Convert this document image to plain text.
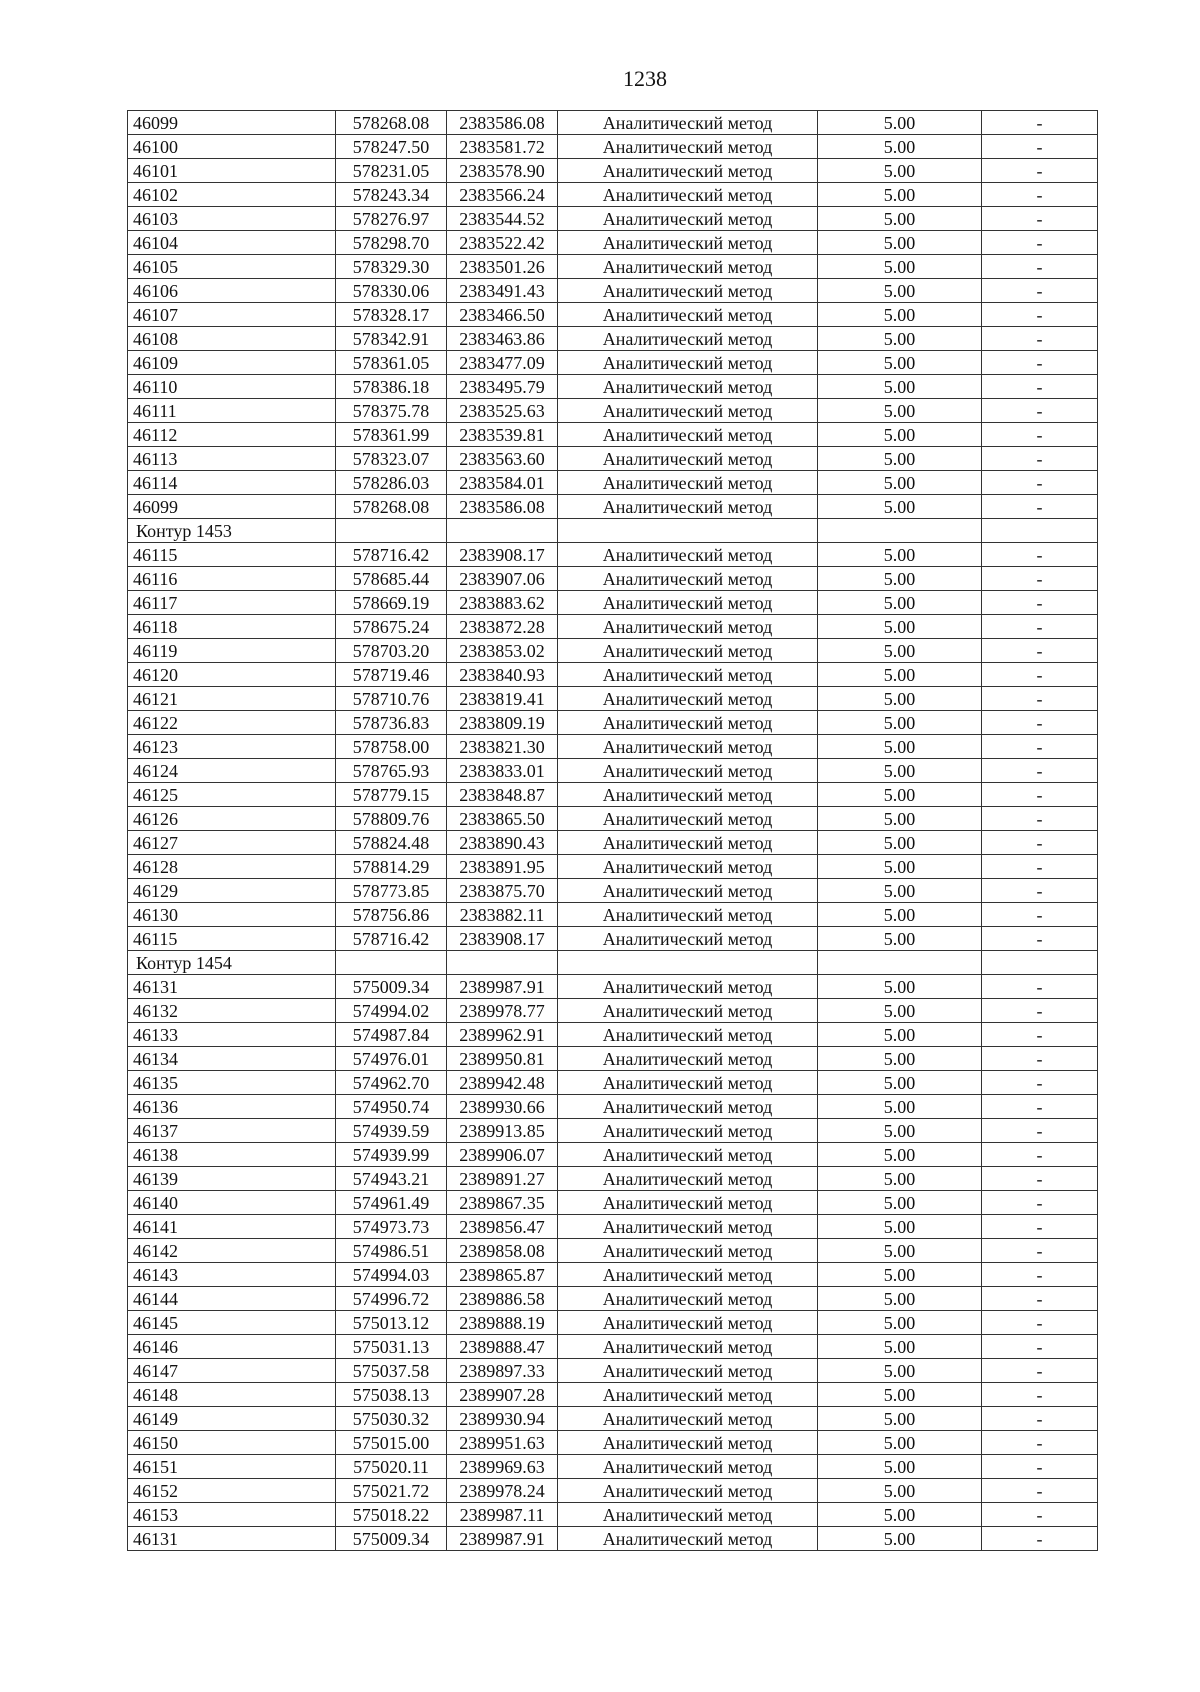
1238
46099	578268.08	2383586.08	Аналитический метод	5.00	-
46100	578247.50	2383581.72	Аналитический метод	5.00	-
46101	578231.05	2383578.90	Аналитический метод	5.00	-
46102	578243.34	2383566.24	Аналитический метод	5.00	-
46103	578276.97	2383544.52	Аналитический метод	5.00	-
46104	578298.70	2383522.42	Аналитический метод	5.00	-
46105	578329.30	2383501.26	Аналитический метод	5.00	-
46106	578330.06	2383491.43	Аналитический метод	5.00	-
46107	578328.17	2383466.50	Аналитический метод	5.00	-
46108	578342.91	2383463.86	Аналитический метод	5.00	-
46109	578361.05	2383477.09	Аналитический метод	5.00	-
46110	578386.18	2383495.79	Аналитический метод	5.00	-
46111	578375.78	2383525.63	Аналитический метод	5.00	-
46112	578361.99	2383539.81	Аналитический метод	5.00	-
46113	578323.07	2383563.60	Аналитический метод	5.00	-
46114	578286.03	2383584.01	Аналитический метод	5.00	-
46099	578268.08	2383586.08	Аналитический метод	5.00	-
Контур 1453					
46115	578716.42	2383908.17	Аналитический метод	5.00	-
46116	578685.44	2383907.06	Аналитический метод	5.00	-
46117	578669.19	2383883.62	Аналитический метод	5.00	-
46118	578675.24	2383872.28	Аналитический метод	5.00	-
46119	578703.20	2383853.02	Аналитический метод	5.00	-
46120	578719.46	2383840.93	Аналитический метод	5.00	-
46121	578710.76	2383819.41	Аналитический метод	5.00	-
46122	578736.83	2383809.19	Аналитический метод	5.00	-
46123	578758.00	2383821.30	Аналитический метод	5.00	-
46124	578765.93	2383833.01	Аналитический метод	5.00	-
46125	578779.15	2383848.87	Аналитический метод	5.00	-
46126	578809.76	2383865.50	Аналитический метод	5.00	-
46127	578824.48	2383890.43	Аналитический метод	5.00	-
46128	578814.29	2383891.95	Аналитический метод	5.00	-
46129	578773.85	2383875.70	Аналитический метод	5.00	-
46130	578756.86	2383882.11	Аналитический метод	5.00	-
46115	578716.42	2383908.17	Аналитический метод	5.00	-
Контур 1454					
46131	575009.34	2389987.91	Аналитический метод	5.00	-
46132	574994.02	2389978.77	Аналитический метод	5.00	-
46133	574987.84	2389962.91	Аналитический метод	5.00	-
46134	574976.01	2389950.81	Аналитический метод	5.00	-
46135	574962.70	2389942.48	Аналитический метод	5.00	-
46136	574950.74	2389930.66	Аналитический метод	5.00	-
46137	574939.59	2389913.85	Аналитический метод	5.00	-
46138	574939.99	2389906.07	Аналитический метод	5.00	-
46139	574943.21	2389891.27	Аналитический метод	5.00	-
46140	574961.49	2389867.35	Аналитический метод	5.00	-
46141	574973.73	2389856.47	Аналитический метод	5.00	-
46142	574986.51	2389858.08	Аналитический метод	5.00	-
46143	574994.03	2389865.87	Аналитический метод	5.00	-
46144	574996.72	2389886.58	Аналитический метод	5.00	-
46145	575013.12	2389888.19	Аналитический метод	5.00	-
46146	575031.13	2389888.47	Аналитический метод	5.00	-
46147	575037.58	2389897.33	Аналитический метод	5.00	-
46148	575038.13	2389907.28	Аналитический метод	5.00	-
46149	575030.32	2389930.94	Аналитический метод	5.00	-
46150	575015.00	2389951.63	Аналитический метод	5.00	-
46151	575020.11	2389969.63	Аналитический метод	5.00	-
46152	575021.72	2389978.24	Аналитический метод	5.00	-
46153	575018.22	2389987.11	Аналитический метод	5.00	-
46131	575009.34	2389987.91	Аналитический метод	5.00	-
